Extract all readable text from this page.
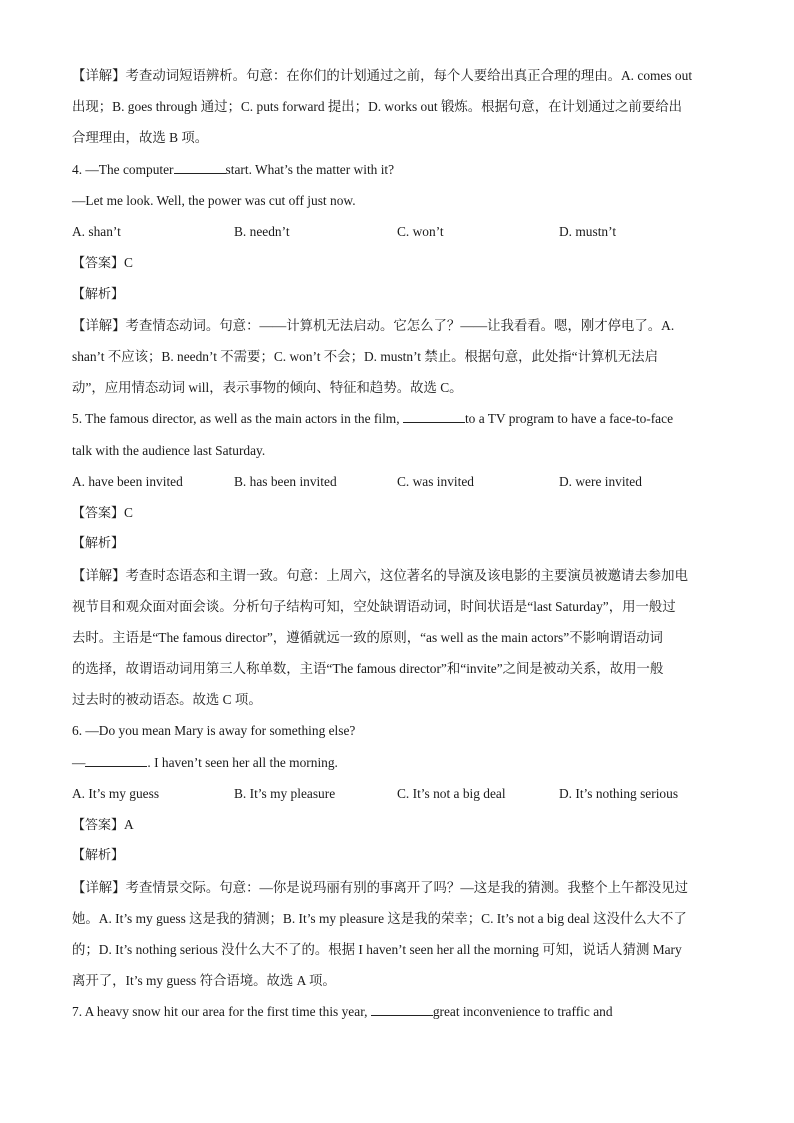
【详解】考查动词短语辨析。句意：在你们的计划通过之前，每个人要给出真正合理的理由。A. comes out
出现；B. goes through 通过；C. puts forward 提出；D. works out 锻炼。根据句意，在计划通过之前要给出
合理理由，故选 B 项。
4. —The computer	start. What’s the matter with it?
—Let me look. Well, the power was cut off just now.
A. shan’t	B. needn’t	C. won’t	D. mustn’t
【答案】C
【解析】
【详解】考查情态动词。句意：——计算机无法启动。它怎么了？——让我看看。嗯，刚才停电了。A.
shan’t 不应该；B. needn’t 不需要；C. won’t 不会；D. mustn’t 禁止。根据句意，此处指“计算机无法启
动”，应用情态动词 will，表示事物的倾向、特征和趋势。故选 C。
5. The famous director, as well as the main actors in the film,	to a TV program to have a face-to-face
talk with the audience last Saturday.
A. have been invited	B. has been invited	C. was invited	D. were invited
【答案】C
【解析】
【详解】考查时态语态和主谓一致。句意：上周六，这位著名的导演及该电影的主要演员被邀请去参加电
视节目和观众面对面会谈。分析句子结构可知，空处缺谓语动词，时间状语是“last Saturday”，用一般过
去时。主语是“The famous director”，遵循就远一致的原则，“as well as the main actors”不影响谓语动词
的选择，故谓语动词用第三人称单数，主语“The famous director”和“invite”之间是被动关系，故用一般
过去时的被动语态。故选 C 项。
6. —Do you mean Mary is away for something else?
—	. I haven’t seen her all the morning.
A. It’s my guess	B. It’s my pleasure	C. It’s not a big deal	D. It’s nothing serious
【答案】A
【解析】
【详解】考查情景交际。句意：—你是说玛丽有别的事离开了吗？—这是我的猜测。我整个上午都没见过
她。A. It’s my guess 这是我的猜测；B. It’s my pleasure 这是我的荣幸；C. It’s not a big deal 这没什么大不了
的；D. It’s nothing serious 没什么大不了的。根据 I haven’t seen her all the morning 可知，说话人猜测 Mary
离开了，It’s my guess 符合语境。故选 A 项。
7. A heavy snow hit our area for the first time this year,	great inconvenience to traffic and
